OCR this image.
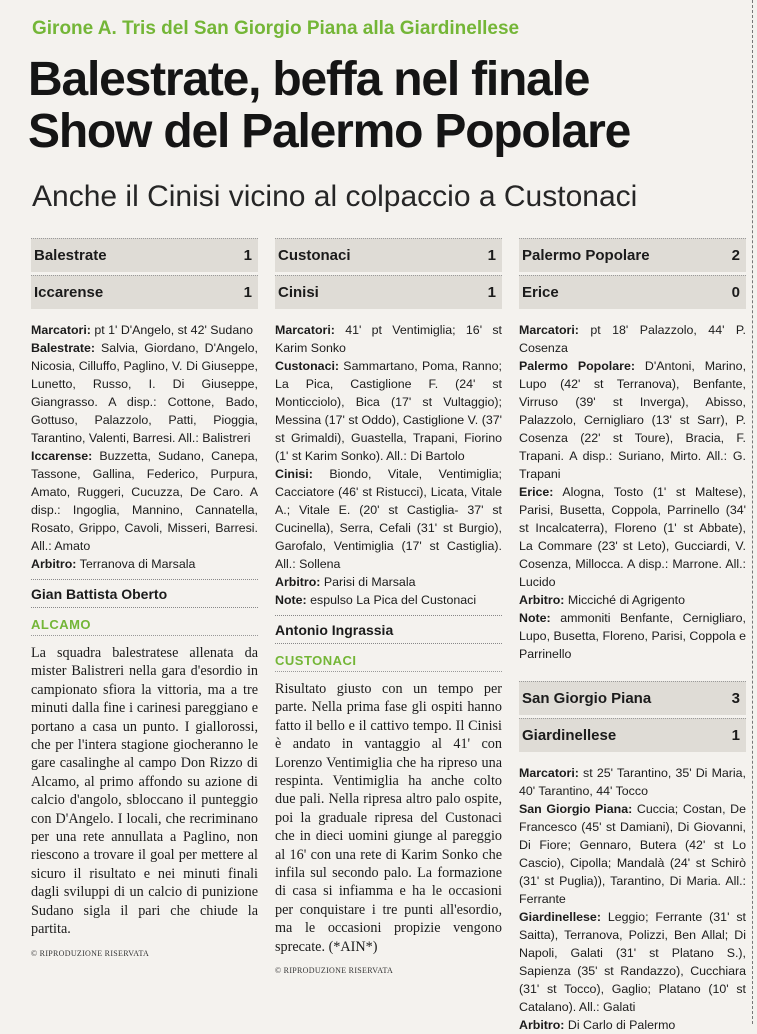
Girone A. Tris del San Giorgio Piana alla Giardinellese
Balestrate, beffa nel finale
Show del Palermo Popolare
Anche il Cinisi vicino al colpaccio a Custonaci
Balestrate	1
Iccarense	1

Marcatori: pt 1' D'Angelo, st 42' Sudano

Balestrate: Salvia, Giordano, D'Angelo, Nicosia, Cilluffo, Paglino, V. Di Giuseppe, Lunetto, Russo, I. Di Giuseppe, Giangrasso. A disp.: Cottone, Bado, Gottuso, Palazzolo, Patti, Pioggia, Tarantino, Valenti, Barresi. All.: Balistreri

Iccarense: Buzzetta, Sudano, Canepa, Tassone, Gallina, Federico, Purpura, Amato, Ruggeri, Cucuzza, De Caro. A disp.: Ingoglia, Mannino, Cannatella, Rosato, Grippo, Cavoli, Misseri, Barresi. All.: Amato

Arbitro: Terranova di Marsala

Gian Battista Oberto
ALCAMO
La squadra balestratese allenata da mister Balistreri nella gara d'esordio in campionato sfiora la vittoria, ma a tre minuti dalla fine i carinesi pareggiano e portano a casa un punto. I giallorossi, che per l'intera stagione giocheranno le gare casalinghe al campo Don Rizzo di Alcamo, al primo affondo su azione di calcio d'angolo, sbloccano il punteggio con D'Angelo. I locali, che recriminano per una rete annullata a Paglino, non riescono a trovare il goal per mettere al sicuro il risultato e nei minuti finali dagli sviluppi di un calcio di punizione Sudano sigla il pari che chiude la partita.
© RIPRODUZIONE RISERVATA
Custonaci	1
Cinisi	1

Marcatori: 41' pt Ventimiglia; 16' st Karim Sonko

Custonaci: Sammartano, Poma, Ranno; La Pica, Castiglione F. (24' st Monticciolo), Bica (17' st Vultaggio); Messina (17' st Oddo), Castiglione V. (37' st Grimaldi), Guastella, Trapani, Fiorino (1' st Karim Sonko). All.: Di Bartolo

Cinisi: Biondo, Vitale, Ventimiglia; Cacciatore (46' st Ristucci), Licata, Vitale A.; Vitale E. (20' st Castiglia- 37' st Cucinella), Serra, Cefali (31' st Burgio), Garofalo, Ventimiglia (17' st Castiglia). All.: Sollena

Arbitro: Parisi di Marsala

Note: espulso La Pica del Custonaci

Antonio Ingrassia
CUSTONACI
Risultato giusto con un tempo per parte. Nella prima fase gli ospiti hanno fatto il bello e il cattivo tempo. Il Cinisi è andato in vantaggio al 41' con Lorenzo Ventimiglia che ha ripreso una respinta. Ventimiglia ha anche colto due pali. Nella ripresa altro palo ospite, poi la graduale ripresa del Custonaci che in dieci uomini giunge al pareggio al 16' con una rete di Karim Sonko che infila sul secondo palo. La formazione di casa si infiamma e ha le occasioni per conquistare i tre punti all'esordio, ma le occasioni propizie vengono sprecate. (*AIN*)
© RIPRODUZIONE RISERVATA
Palermo Popolare	2
Erice	0

Marcatori: pt 18' Palazzolo, 44' P. Cosenza

Palermo Popolare: D'Antoni, Marino, Lupo (42' st Terranova), Benfante, Virruso (39' st Inverga), Abisso, Palazzolo, Cernigliaro (13' st Sarr), P. Cosenza (22' st Toure), Bracia, F. Trapani. A disp.: Suriano, Mirto. All.: G. Trapani

Erice: Alogna, Tosto (1' st Maltese), Parisi, Busetta, Coppola, Parrinello (34' st Incalcaterra), Floreno (1' st Abbate), La Commare (23' st Leto), Gucciardi, V. Cosenza, Millocca. A disp.: Marrone. All.: Lucido

Arbitro: Micciché di Agrigento

Note: ammoniti Benfante, Cernigliaro, Lupo, Busetta, Floreno, Parisi, Coppola e Parrinello

San Giorgio Piana	3
Giardinellese	1

Marcatori: st 25' Tarantino, 35' Di Maria, 40' Tarantino, 44' Tocco

San Giorgio Piana: Cuccia; Costan, De Francesco (45' st Damiani), Di Giovanni, Di Fiore; Gennaro, Butera (42' st Lo Cascio), Cipolla; Mandalà (24' st Schirò (31' st Puglia)), Tarantino, Di Maria. All.: Ferrante

Giardinellese: Leggio; Ferrante (31' st Saitta), Terranova, Polizzi, Ben Allal; Di Napoli, Galati (31' st Platano S.), Sapienza (35' st Randazzo), Cucchiara (31' st Tocco), Gaglio; Platano (10' st Catalano). All.: Galati

Arbitro: Di Carlo di Palermo
